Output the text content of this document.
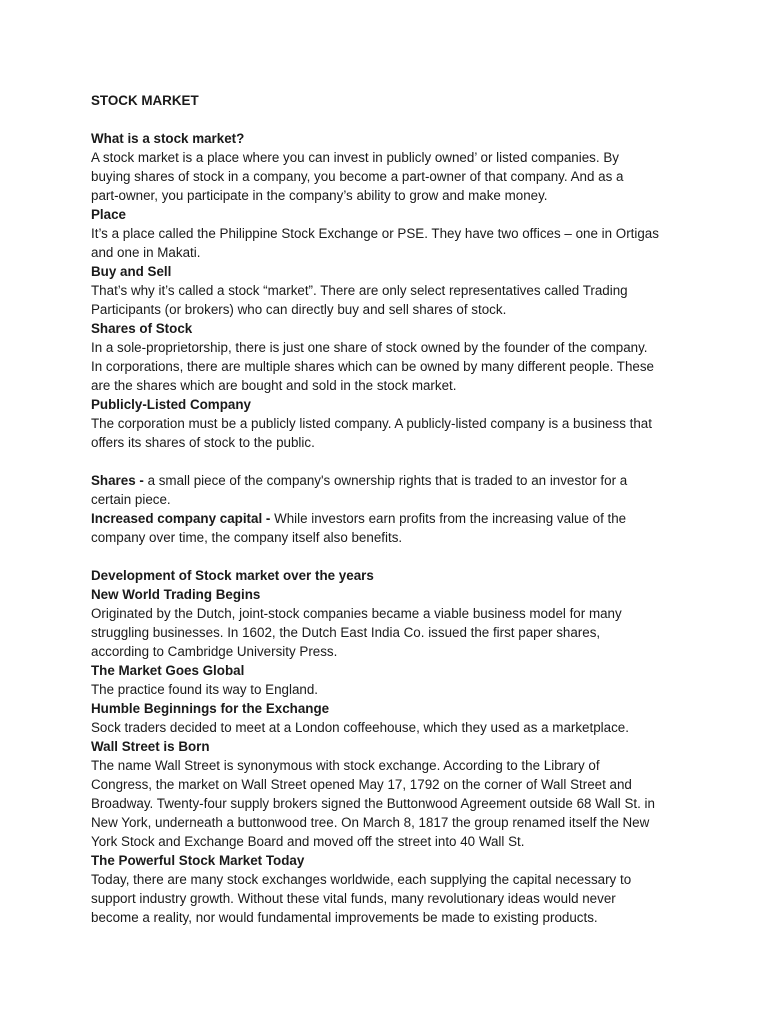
STOCK MARKET
What is a stock market?
A stock market is a place where you can invest in publicly owned’ or listed companies. By
buying shares of stock in a company, you become a part-owner of that company. And as a
part-owner, you participate in the company’s ability to grow and make money.
Place
It’s a place called the Philippine Stock Exchange or PSE. They have two offices – one in Ortigas
and one in Makati.
Buy and Sell
That’s why it’s called a stock “market”. There are only select representatives called Trading
Participants (or brokers) who can directly buy and sell shares of stock.
Shares of Stock
In a sole-proprietorship, there is just one share of stock owned by the founder of the company.
In corporations, there are multiple shares which can be owned by many different people. These
are the shares which are bought and sold in the stock market.
Publicly-Listed Company
The corporation must be a publicly listed company. A publicly-listed company is a business that
offers its shares of stock to the public.
Shares - a small piece of the company's ownership rights that is traded to an investor for a
certain piece.
Increased company capital - While investors earn profits from the increasing value of the
company over time, the company itself also benefits.
Development of Stock market over the years
New World Trading Begins
Originated by the Dutch, joint-stock companies became a viable business model for many
struggling businesses. In 1602, the Dutch East India Co. issued the first paper shares,
according to Cambridge University Press.
The Market Goes Global
The practice found its way to England.
Humble Beginnings for the Exchange
Sock traders decided to meet at a London coffeehouse, which they used as a marketplace.
Wall Street is Born
The name Wall Street is synonymous with stock exchange. According to the Library of
Congress, the market on Wall Street opened May 17, 1792 on the corner of Wall Street and
Broadway. Twenty-four supply brokers signed the Buttonwood Agreement outside 68 Wall St. in
New York, underneath a buttonwood tree. On March 8, 1817 the group renamed itself the New
York Stock and Exchange Board and moved off the street into 40 Wall St.
The Powerful Stock Market Today
Today, there are many stock exchanges worldwide, each supplying the capital necessary to
support industry growth. Without these vital funds, many revolutionary ideas would never
become a reality, nor would fundamental improvements be made to existing products.
